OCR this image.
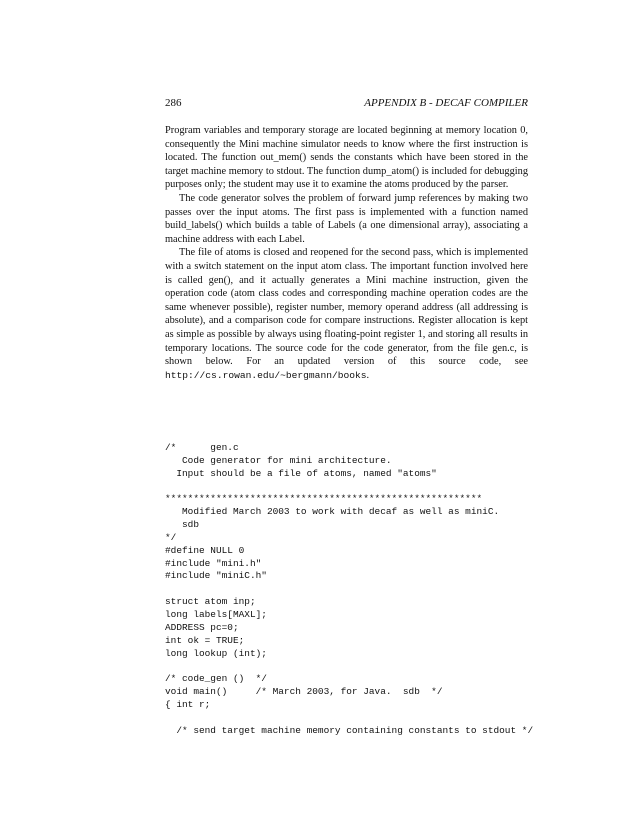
286	APPENDIX B - DECAF COMPILER

Program variables and temporary storage are located beginning at memory location 0, consequently the Mini machine simulator needs to know where the first instruction is located. The function out_mem() sends the constants which have been stored in the target machine memory to stdout. The function dump_atom() is included for debugging purposes only; the student may use it to examine the atoms produced by the parser.

The code generator solves the problem of forward jump references by making two passes over the input atoms. The first pass is implemented with a function named build_labels() which builds a table of Labels (a one dimensional array), associating a machine address with each Label.

The file of atoms is closed and reopened for the second pass, which is implemented with a switch statement on the input atom class. The important function involved here is called gen(), and it actually generates a Mini machine instruction, given the operation code (atom class codes and corresponding machine operation codes are the same whenever possible), register number, memory operand address (all addressing is absolute), and a comparison code for compare instructions. Register allocation is kept as simple as possible by always using floating-point register 1, and storing all results in temporary locations. The source code for the code generator, from the file gen.c, is shown below. For an updated version of this source code, see http://cs.rowan.edu/~bergmann/books.

/*      gen.c
Code generator for mini architecture.
Input should be a file of atoms, named "atoms"
********************************************************
Modified March 2003 to work with decaf as well as miniC.
sdb
*/
#define NULL 0
#include "mini.h"
#include "miniC.h"
struct atom inp;
long labels[MAXL];
ADDRESS pc=0;
int ok = TRUE;
long lookup (int);
/* code_gen ()  */
void main()     /* March 2003, for Java.  sdb  */
{ int r;
/* send target machine memory containing constants to stdout */
